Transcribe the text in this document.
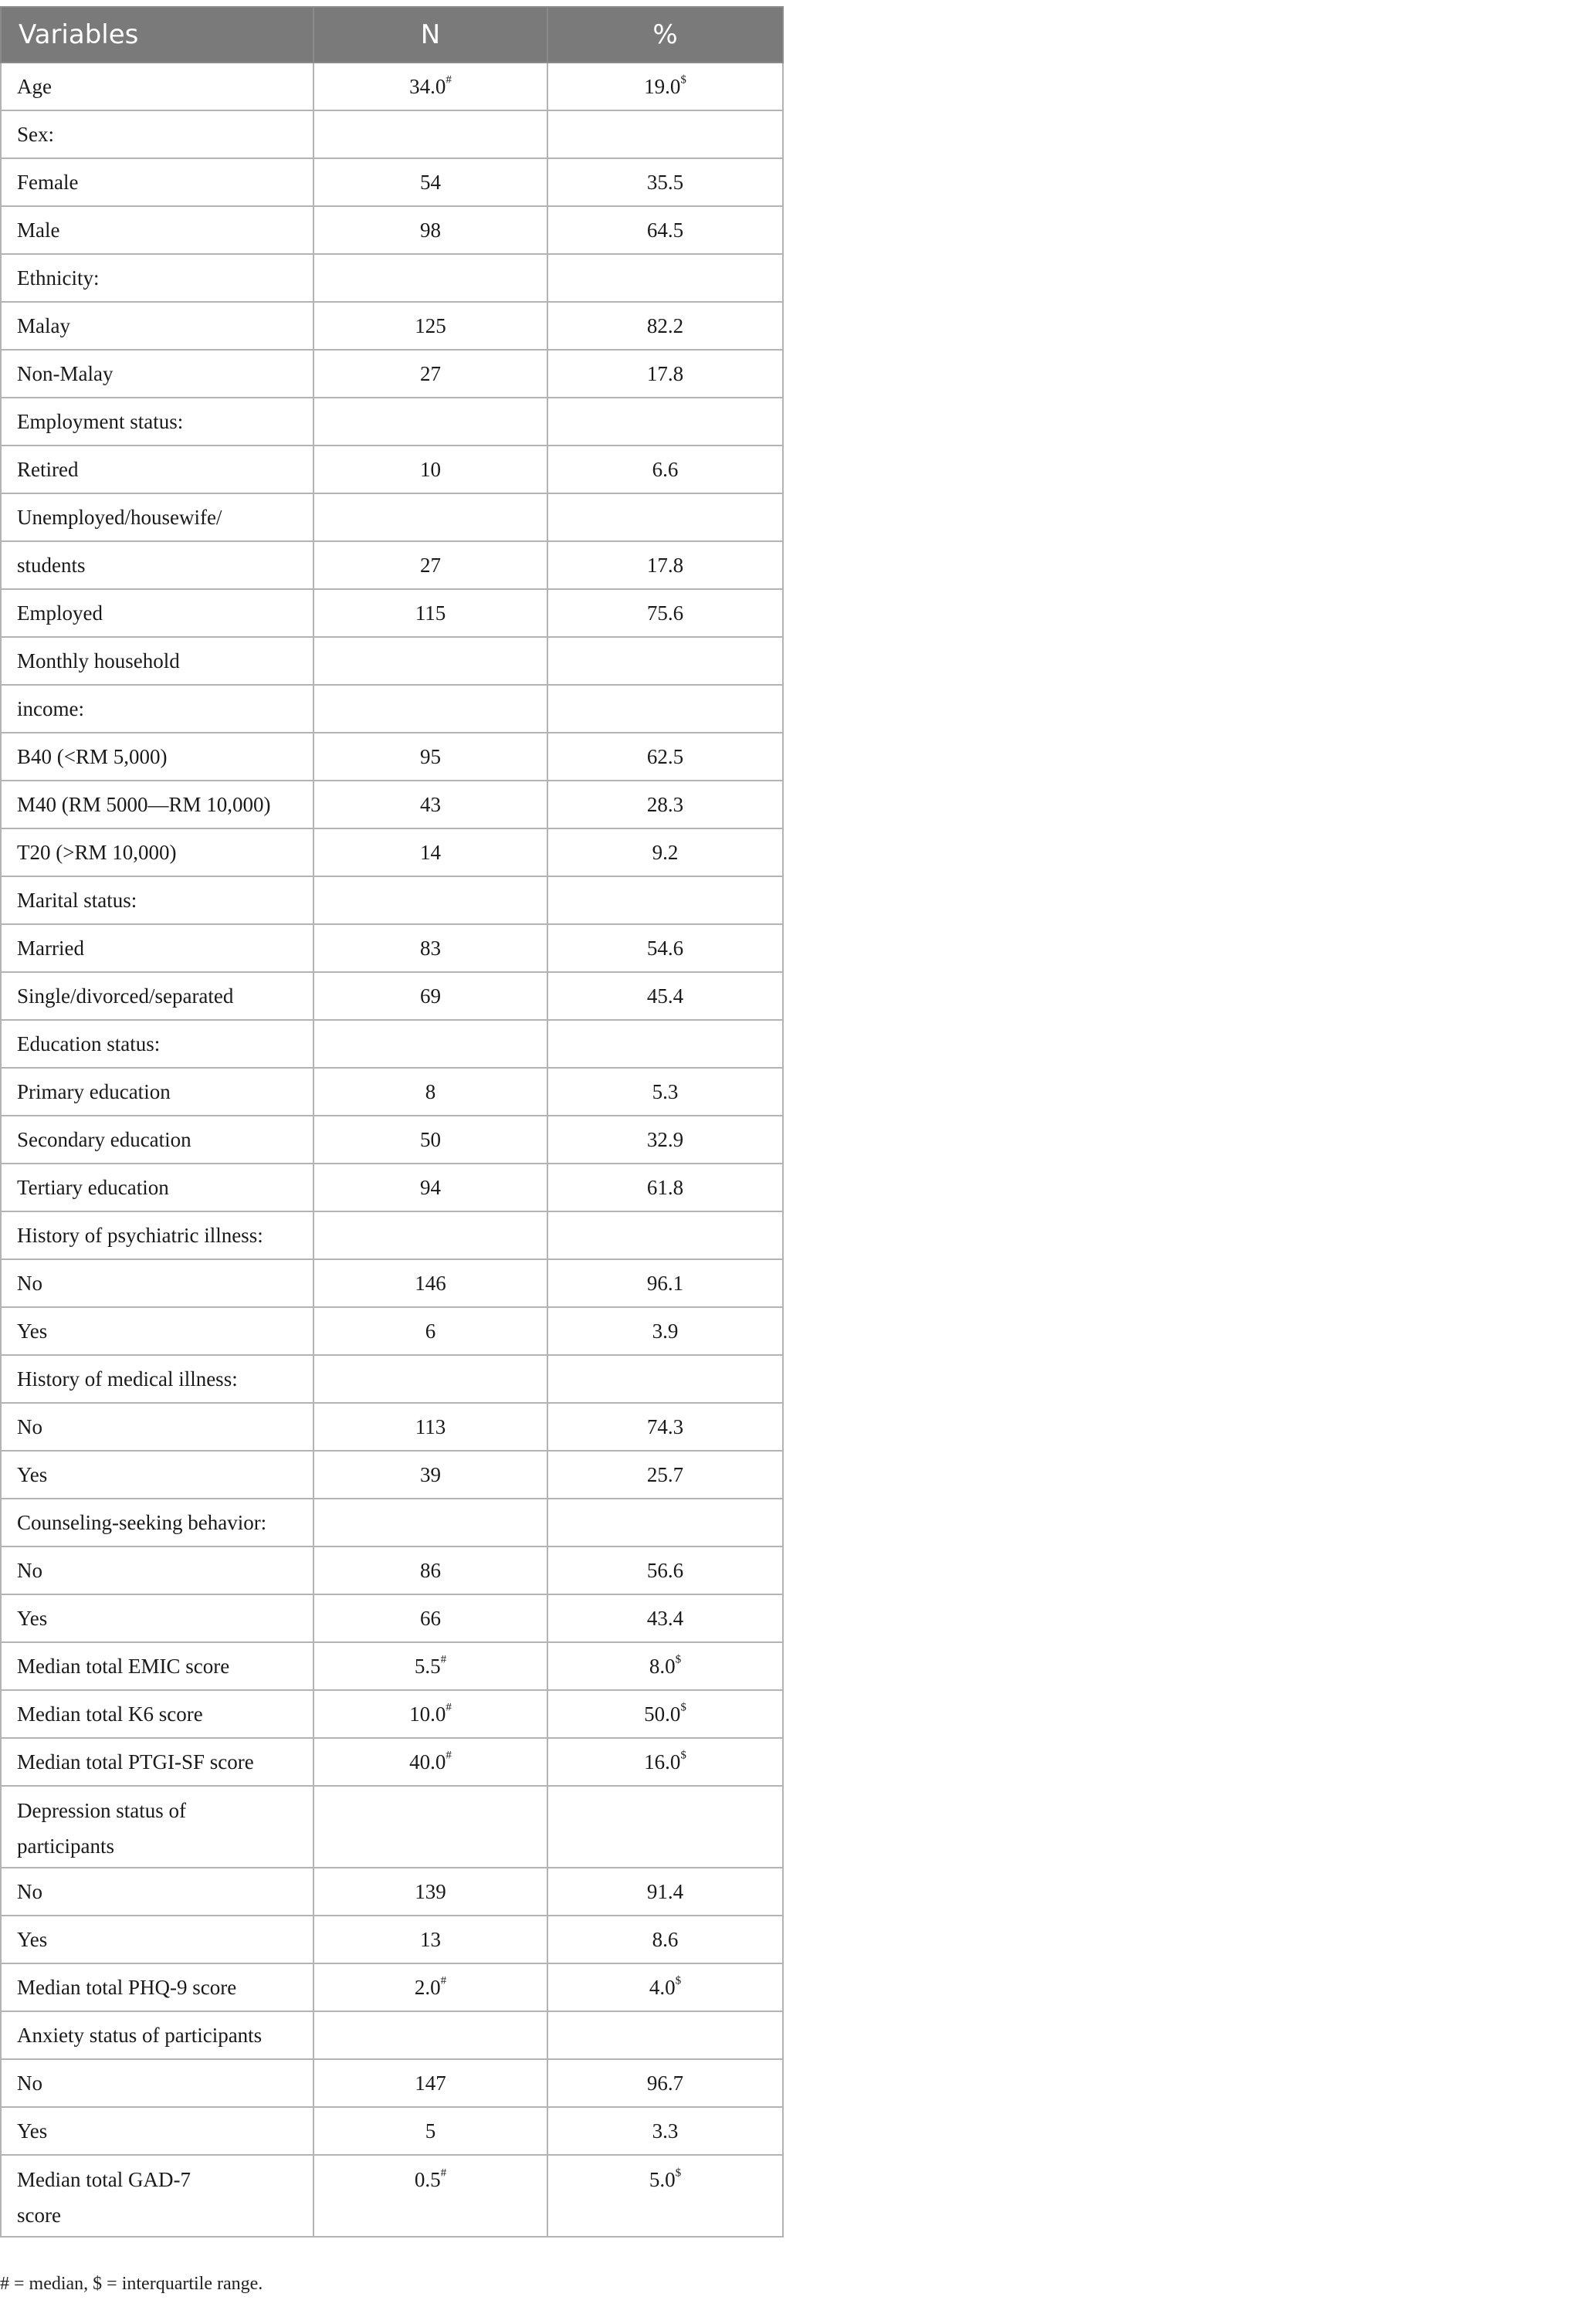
Variables	N	%
Age	34.0#	19.0$
Sex:		
Female	54	35.5
Male	98	64.5
Ethnicity:		
Malay	125	82.2
Non-Malay	27	17.8
Employment status:		
Retired	10	6.6
Unemployed/housewife/		
students	27	17.8
Employed	115	75.6
Monthly household		
income:		
B40 (<RM 5,000)	95	62.5
M40 (RM 5000—RM 10,000)	43	28.3
T20 (>RM 10,000)	14	9.2
Marital status:		
Married	83	54.6
Single/divorced/separated	69	45.4
Education status:		
Primary education	8	5.3
Secondary education	50	32.9
Tertiary education	94	61.8
History of psychiatric illness:		
No	146	96.1
Yes	6	3.9
History of medical illness:		
No	113	74.3
Yes	39	25.7
Counseling-seeking behavior:		
No	86	56.6
Yes	66	43.4
Median total EMIC score	5.5#	8.0$
Median total K6 score	10.0#	50.0$
Median total PTGI-SF score	40.0#	16.0$

Depression status of
participants		

No	139	91.4
Yes	13	8.6
Median total PHQ-9 score	2.0#	4.0$
Anxiety status of participants		
No	147	96.7
Yes	5	3.3

Median total GAD-7
score	0.5#	5.0$
# = median, $ = interquartile range.
